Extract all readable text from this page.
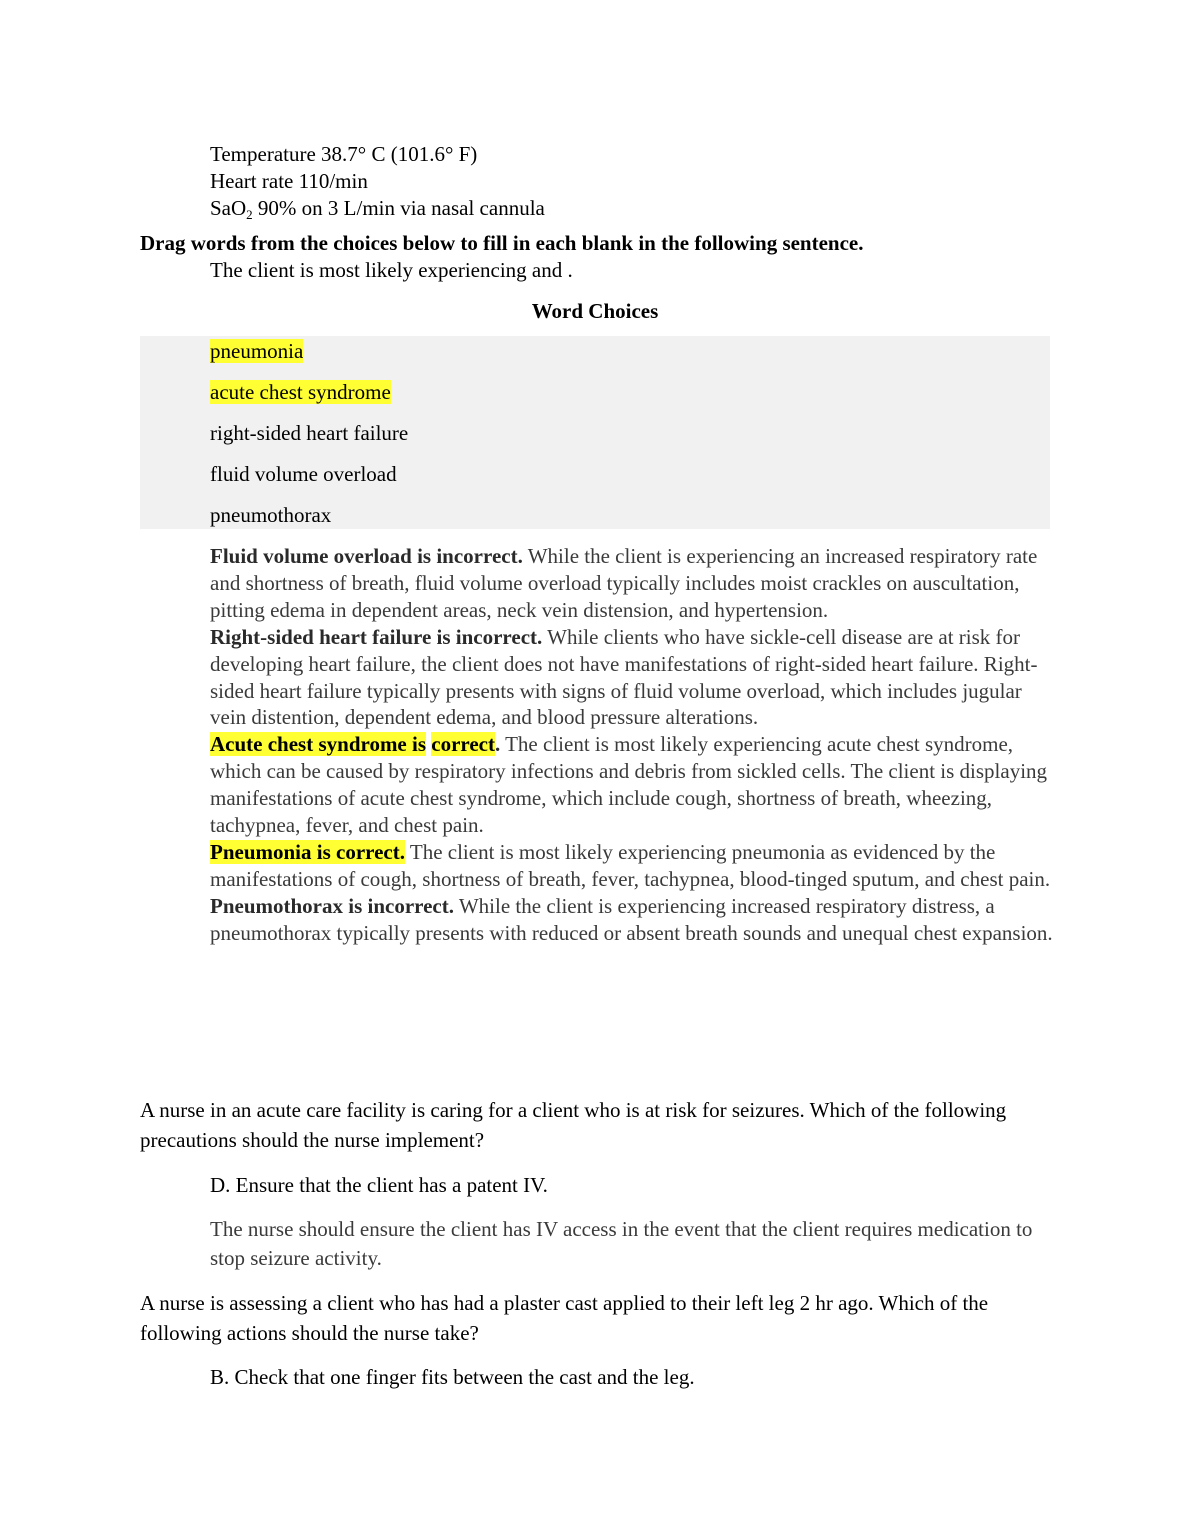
Temperature 38.7° C (101.6° F)
Heart rate 110/min
SaO2 90% on 3 L/min via nasal cannula
Drag words from the choices below to fill in each blank in the following sentence.
The client is most likely experiencing and .
Word Choices
pneumonia
acute chest syndrome
right-sided heart failure
fluid volume overload
pneumothorax

Fluid volume overload is incorrect. While the client is experiencing an increased respiratory rate and shortness of breath, fluid volume overload typically includes moist crackles on auscultation, pitting edema in dependent areas, neck vein distension, and hypertension.

Right-sided heart failure is incorrect. While clients who have sickle-cell disease are at risk for developing heart failure, the client does not have manifestations of right-sided heart failure. Right-sided heart failure typically presents with signs of fluid volume overload, which includes jugular vein distention, dependent edema, and blood pressure alterations.

Acute chest syndrome is correct. The client is most likely experiencing acute chest syndrome, which can be caused by respiratory infections and debris from sickled cells. The client is displaying manifestations of acute chest syndrome, which include cough, shortness of breath, wheezing, tachypnea, fever, and chest pain.

Pneumonia is correct. The client is most likely experiencing pneumonia as evidenced by the manifestations of cough, shortness of breath, fever, tachypnea, blood-tinged sputum, and chest pain.

Pneumothorax is incorrect. While the client is experiencing increased respiratory distress, a pneumothorax typically presents with reduced or absent breath sounds and unequal chest expansion.

A nurse in an acute care facility is caring for a client who is at risk for seizures. Which of the following precautions should the nurse implement?
D. Ensure that the client has a patent IV.
The nurse should ensure the client has IV access in the event that the client requires medication to stop seizure activity.
A nurse is assessing a client who has had a plaster cast applied to their left leg 2 hr ago. Which of the following actions should the nurse take?
B. Check that one finger fits between the cast and the leg.
